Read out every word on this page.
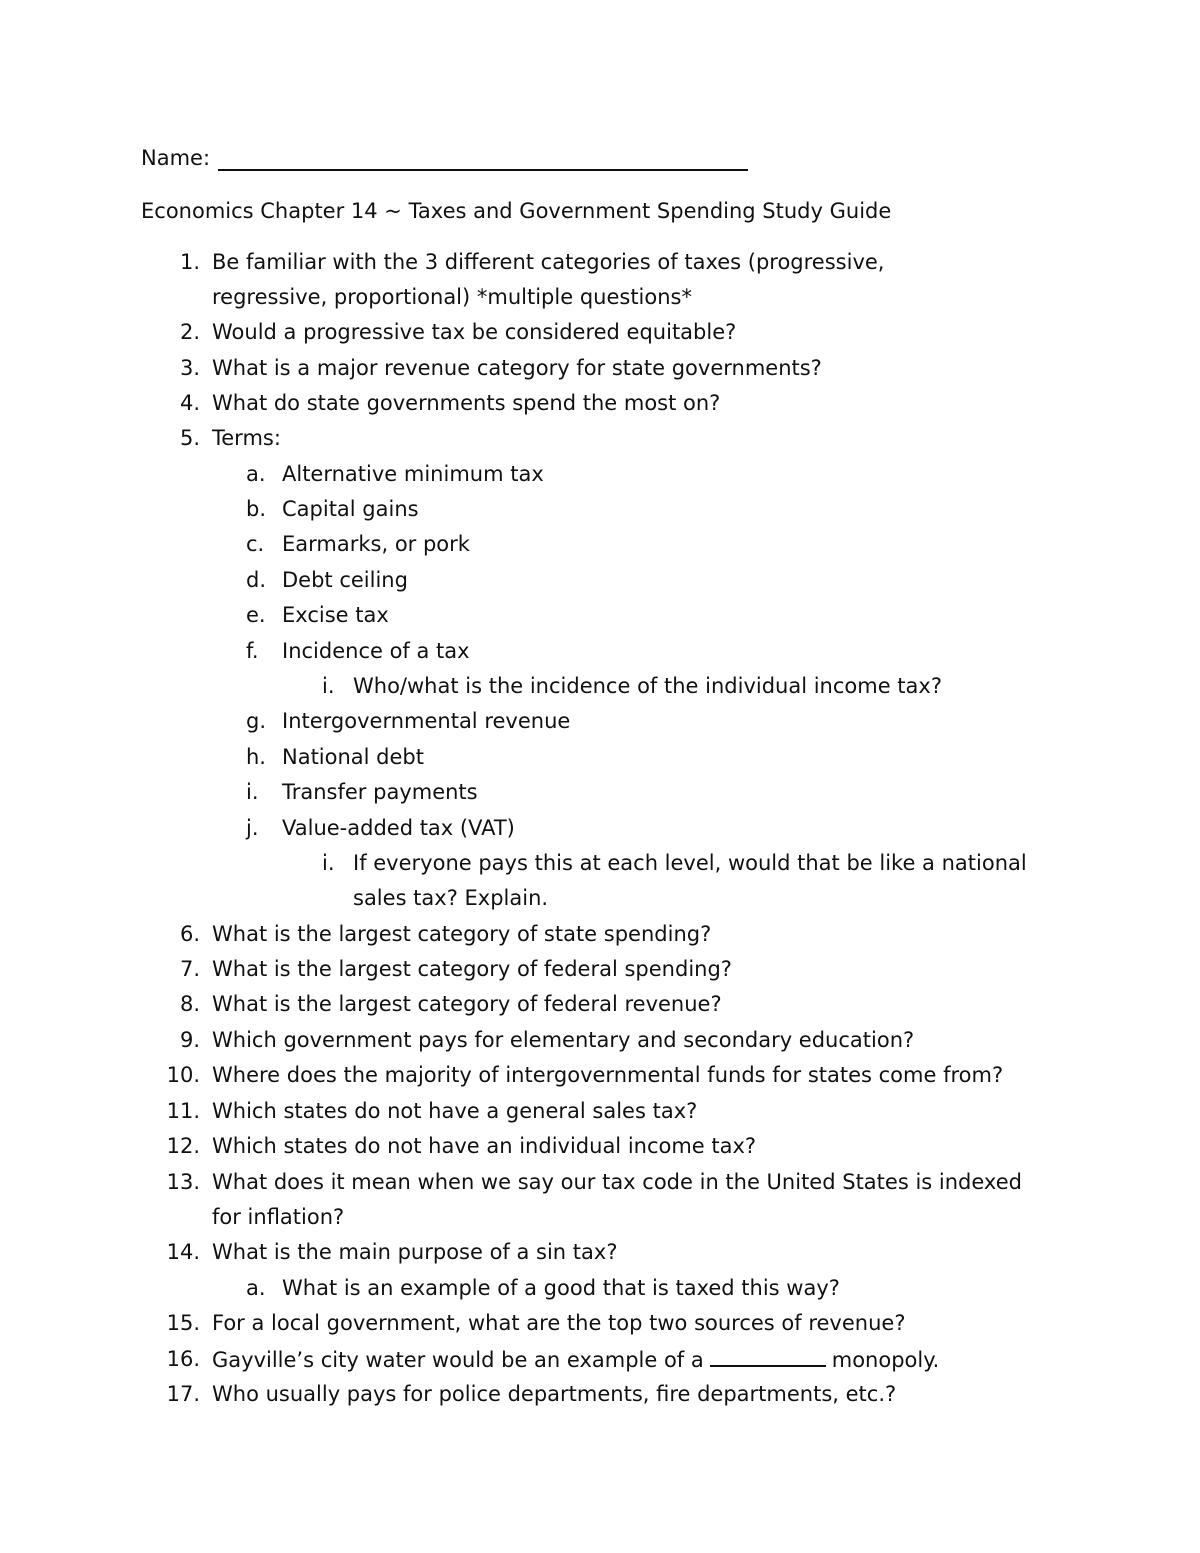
Name:
Economics Chapter 14 ~ Taxes and Government Spending Study Guide
1. Be familiar with the 3 different categories of taxes (progressive,
regressive, proportional) *multiple questions*
2. Would a progressive tax be considered equitable?
3. What is a major revenue category for state governments?
4. What do state governments spend the most on?
5. Terms:
a. Alternative minimum tax
b. Capital gains
c. Earmarks, or pork
d. Debt ceiling
e. Excise tax
f. Incidence of a tax
i. Who/what is the incidence of the individual income tax?
g. Intergovernmental revenue
h. National debt
i. Transfer payments
j. Value-added tax (VAT)
i. If everyone pays this at each level, would that be like a national
sales tax? Explain.
6. What is the largest category of state spending?
7. What is the largest category of federal spending?
8. What is the largest category of federal revenue?
9. Which government pays for elementary and secondary education?
10. Where does the majority of intergovernmental funds for states come from?
11. Which states do not have a general sales tax?
12. Which states do not have an individual income tax?
13. What does it mean when we say our tax code in the United States is indexed
for inflation?
14. What is the main purpose of a sin tax?
a. What is an example of a good that is taxed this way?
15. For a local government, what are the top two sources of revenue?
16. Gayville’s city water would be an example of a	monopoly.
17. Who usually pays for police departments, fire departments, etc.?
